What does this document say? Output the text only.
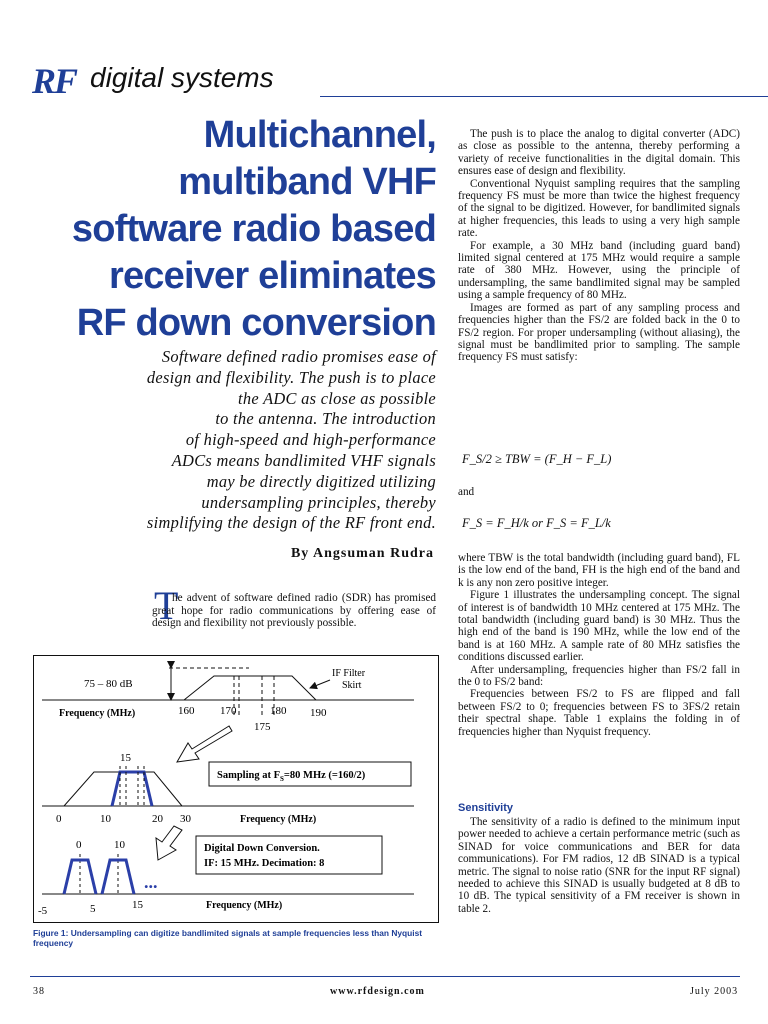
RF digital systems
Multichannel,
multiband VHF
software radio based
receiver eliminates
RF down conversion

Software defined radio promises ease of
design and flexibility. The push is to place
the ADC as close as possible
to the antenna. The introduction
of high-speed and high-performance
ADCs means bandlimited VHF signals
may be directly digitized utilizing
undersampling principles, thereby
simplifying the design of the RF front end.

By Angsuman Rudra

T

he advent of software defined radio (SDR) has promised great hope for radio communications by offering ease of design and flexibility not previously possible.

75 – 80 dB
IF Filter
Skirt
Frequency (MHz)	160 170	180 190
175
15
Sampling at $F_S=80$ MHz (=160/2)
Frequency (MHz)
0	10	20 30
0	10
...
Digital Down Conversion.
IF: 15 MHz. Decimation: 8
Frequency (MHz)
-5	5	15

Figure 1: Undersampling can digitize bandlimited signals at sample frequencies less than Nyquist frequency

The push is to place the analog to digital converter (ADC) as close as possible to the antenna, thereby performing a variety of receive functionalities in the digital domain. This ensures ease of design and flexibility.

Conventional Nyquist sampling requires that the sampling frequency FS must be more than twice the highest frequency of the signal to be digitized. However, for bandlimited signals at higher frequencies, this leads to using a very high sample rate.

For example, a 30 MHz band (including guard band) limited signal centered at 175 MHz would require a sample rate of 380 MHz. However, using the principle of undersampling, the same bandlimited signal may be sampled using a sample frequency of 80 MHz.

Images are formed as part of any sampling process and frequencies higher than the FS/2 are folded back in the 0 to FS/2 region. For proper undersampling (without aliasing), the signal must be bandlimited prior to sampling. The sample frequency FS must satisfy:

F_S/2 ≥ TBW = (F_H − F_L)
and
F_S = F_H/k or F_S = F_L/k

where TBW is the total bandwidth (including guard band), FL is the low end of the band, FH is the high end of the band and k is any non zero positive integer.

Figure 1 illustrates the undersampling concept. The signal of interest is of bandwidth 10 MHz centered at 175 MHz. The total bandwidth (including guard band) is 30 MHz. Thus the high end of the band is 190 MHz, while the low end of the band is at 160 MHz. A sample rate of 80 MHz satisfies the conditions discussed earlier.

After undersampling, frequencies higher than FS/2 fall in the 0 to FS/2 band:

Frequencies between FS/2 to FS are flipped and fall between FS/2 to 0; frequencies between FS to 3FS/2 retain their spectral shape. Table 1 explains the folding in of frequencies higher than Nyquist frequency.

Sensitivity

The sensitivity of a radio is defined to the minimum input power needed to achieve a certain performance metric (such as SINAD for voice communications and BER for data communications). For FM radios, 12 dB SINAD is a typical metric. The signal to noise ratio (SNR for the input RF signal) needed to achieve this SINAD is usually budgeted at 8 dB to 10 dB. The typical sensitivity of a FM receiver is shown in table 2.

38	www.rfdesign.com	July 2003
